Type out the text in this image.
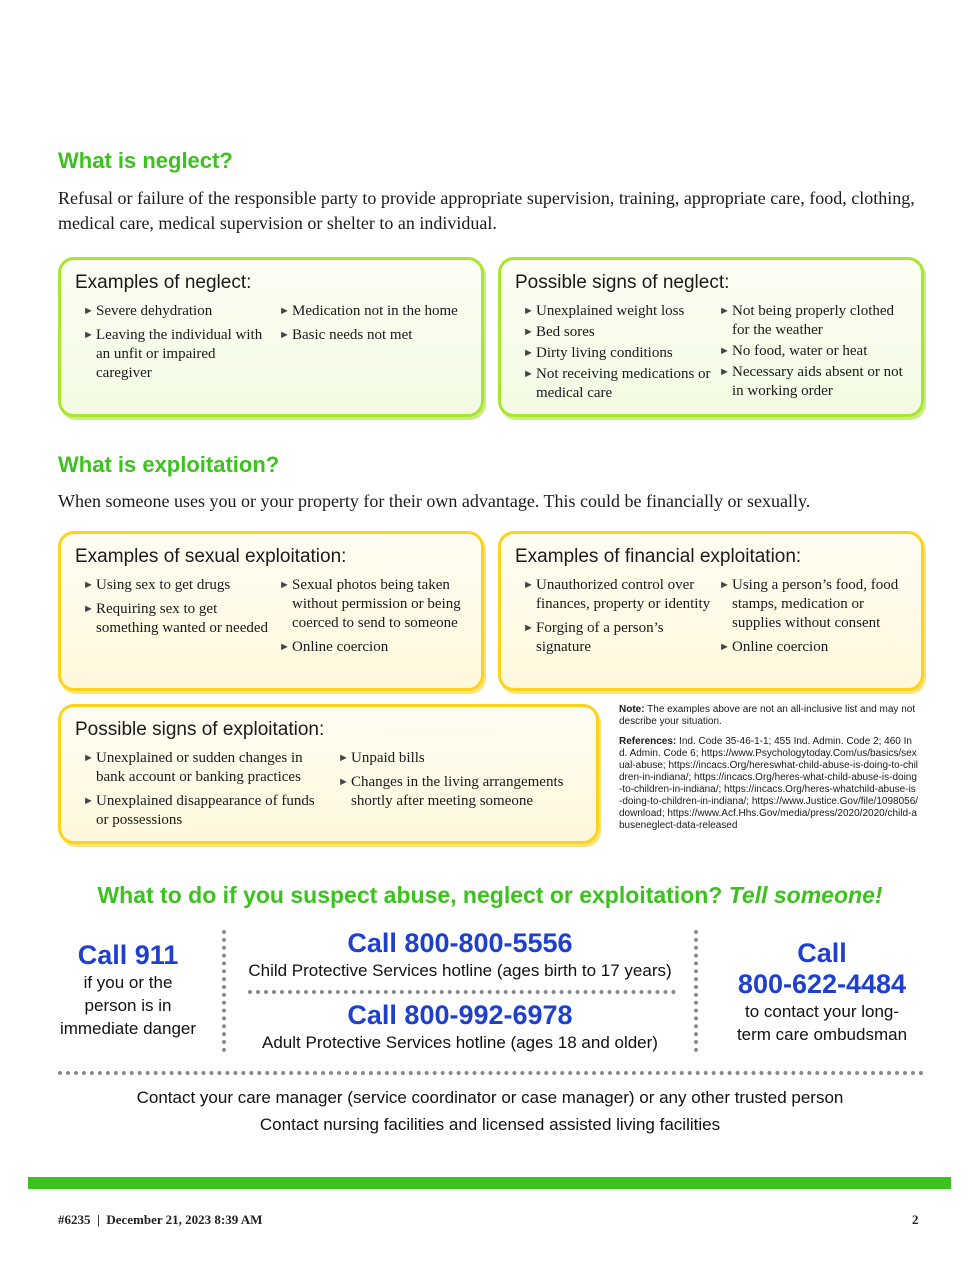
What is neglect?

Refusal or failure of the responsible party to provide appropriate supervision, training, appropriate care, food, clothing, medical care, medical supervision or shelter to an individual.

Examples of neglect:
► Severe dehydration
► Leaving the individual with an unfit or impaired caregiver
► Medication not in the home
► Basic needs not met
Possible signs of neglect:
► Unexplained weight loss
► Bed sores
► Dirty living conditions
► Not receiving medications or medical care
► Not being properly clothed for the weather
► No food, water or heat
► Necessary aids absent or not in working order
What is exploitation?

When someone uses you or your property for their own advantage. This could be financially or sexually.

Examples of sexual exploitation:
► Using sex to get drugs
► Requiring sex to get something wanted or needed
► Sexual photos being taken without permission or being coerced to send to someone
► Online coercion
Examples of financial exploitation:
► Unauthorized control over finances, property or identity
► Forging of a person’s signature
► Using a person’s food, food stamps, medication or supplies without consent
► Online coercion
Possible signs of exploitation:
► Unexplained or sudden changes in bank account or banking practices
► Unexplained disappearance of funds or possessions
► Unpaid bills
► Changes in the living arrangements shortly after meeting someone

Note: The examples above are not an all-inclusive list and may not describe your situation.

References: Ind. Code 35-46-1-1; 455 Ind. Admin. Code 2; 460 Ind. Admin. Code 6; https://www.Psychologytoday.Com/us/basics/sexual-abuse; https://incacs.Org/hereswhat-child-abuse-is-doing-to-children-in-indiana/; https://incacs.Org/heres-what-child-abuse-is-doing-to-children-in-indiana/; https://incacs.Org/heres-whatchild-abuse-is-doing-to-children-in-indiana/; https://www.Justice.Gov/file/1098056/download; https://www.Acf.Hhs.Gov/media/press/2020/2020/child-abuseneglect-data-released

What to do if you suspect abuse, neglect or exploitation? Tell someone!
Call 911
if you or the
person is in
immediate danger
Call 800-800-5556
Child Protective Services hotline (ages birth to 17 years)
Call 800-992-6978
Adult Protective Services hotline (ages 18 and older)
Call
800-622-4484
to contact your long-
term care ombudsman
Contact your care manager (service coordinator or case manager) or any other trusted person
Contact nursing facilities and licensed assisted living facilities
#6235  |  December 21, 2023 8:39 AM	2
